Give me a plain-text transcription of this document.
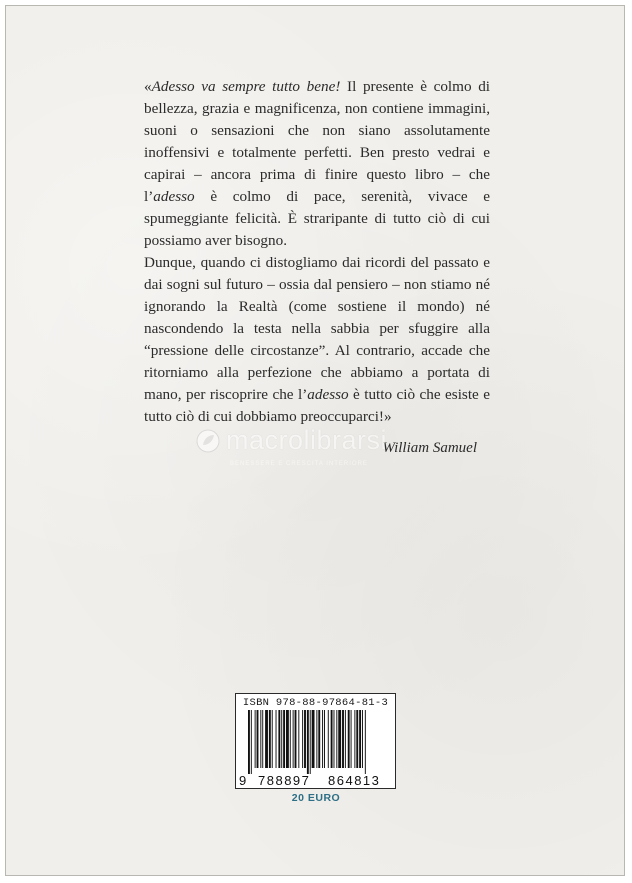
«Adesso va sempre tutto bene! Il presente è colmo di bellezza, grazia e magnificenza, non contiene immagini, suoni o sensazioni che non siano assolutamente inoffensivi e totalmente perfetti. Ben presto vedrai e capirai – ancora prima di finire questo libro – che l’adesso è colmo di pace, serenità, vivace e spumeggiante felicità. È straripante di tutto ciò di cui possiamo aver bisogno.

Dunque, quando ci distogliamo dai ricordi del passato e dai sogni sul futuro – ossia dal pensiero – non stiamo né ignorando la Realtà (come sostiene il mondo) né nascondendo la testa nella sabbia per sfuggire alla “pressione delle circostanze”. Al contrario, accade che ritorniamo alla perfezione che abbiamo a portata di mano, per riscoprire che l’adesso è tutto ciò che esiste e tutto ciò di cui dobbiamo preoccuparci!»

William Samuel
macrolibrarsi
BENESSERE E CRESCITA INTERIORE
ISBN 978-88-97864-81-3
9 788897 864813
20 EURO
